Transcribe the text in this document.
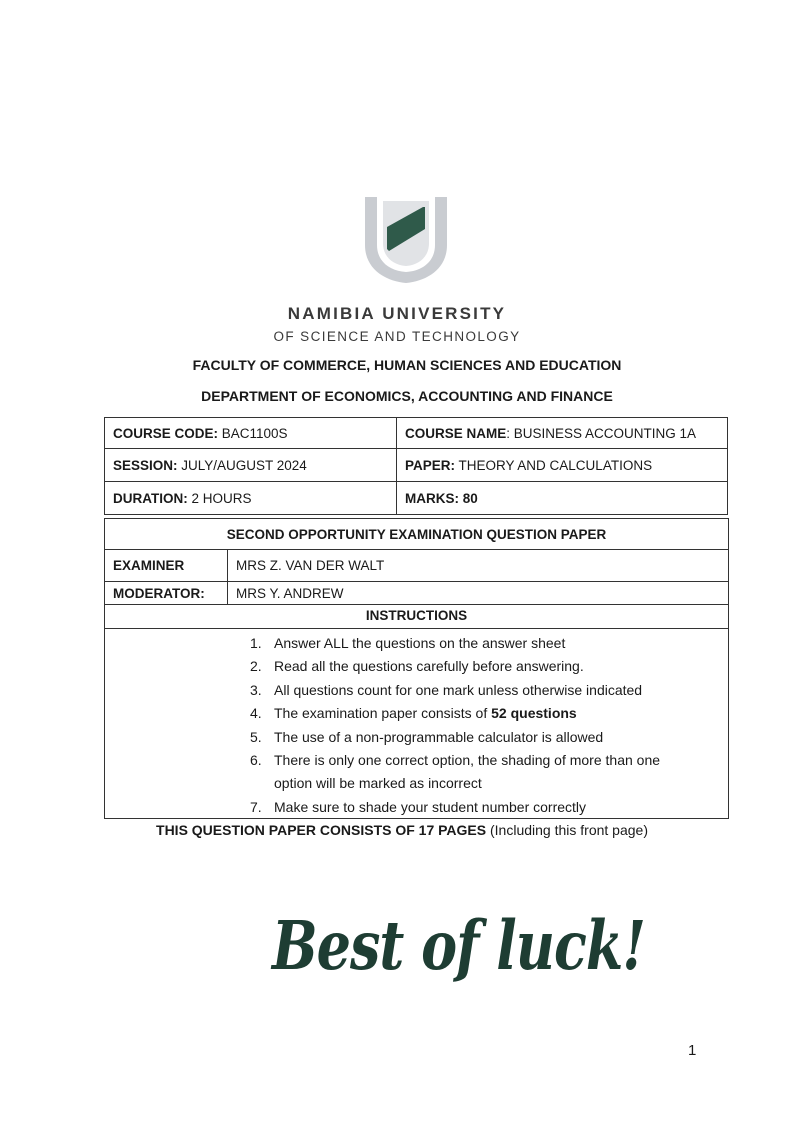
NAMIBIA UNIVERSITY
OF SCIENCE AND TECHNOLOGY
FACULTY OF COMMERCE, HUMAN SCIENCES AND EDUCATION
DEPARTMENT OF ECONOMICS, ACCOUNTING AND FINANCE
COURSE CODE: BAC1100S	COURSE NAME: BUSINESS ACCOUNTING 1A
SESSION: JULY/AUGUST 2024	PAPER: THEORY AND CALCULATIONS
DURATION: 2 HOURS	MARKS: 80
SECOND OPPORTUNITY EXAMINATION QUESTION PAPER	
EXAMINER	MRS Z. VAN DER WALT
MODERATOR:	MRS Y. ANDREW
INSTRUCTIONS
1. Answer ALL the questions on the answer sheet
2. Read all the questions carefully before answering.
3. All questions count for one mark unless otherwise indicated
4. The examination paper consists of 52 questions
5. The use of a non-programmable calculator is allowed
6. There is only one correct option, the shading of more than one
option will be marked as incorrect
7. Make sure to shade your student number correctly
THIS QUESTION PAPER CONSISTS OF 17 PAGES (Including this front page)
Best of luck!
1
